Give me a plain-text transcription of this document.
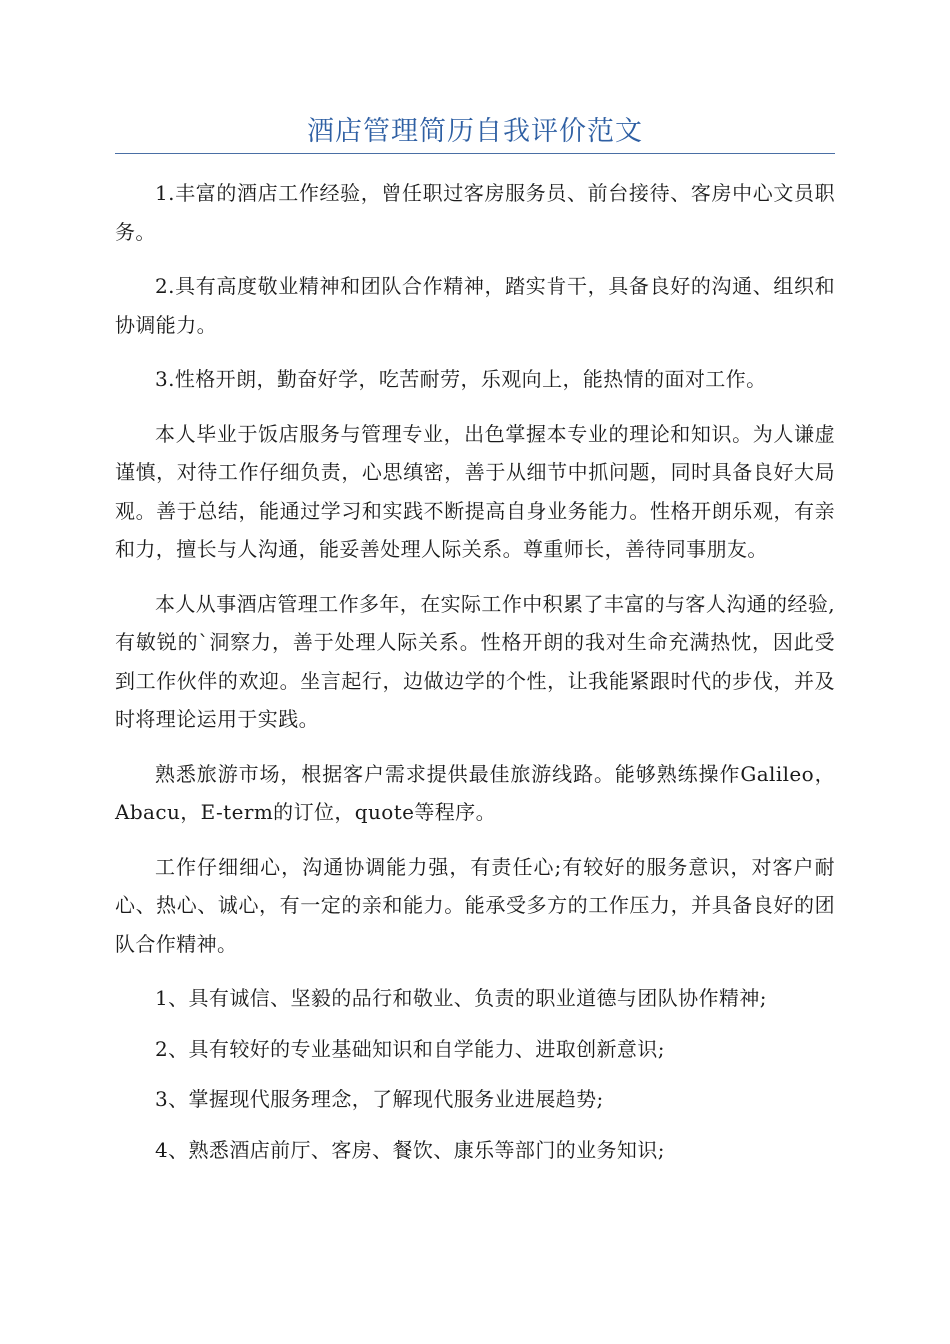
酒店管理简历自我评价范文

1.丰富的酒店工作经验，曾任职过客房服务员、前台接待、客房中心文员职务。

2.具有高度敬业精神和团队合作精神，踏实肯干，具备良好的沟通、组织和协调能力。

3.性格开朗，勤奋好学，吃苦耐劳，乐观向上，能热情的面对工作。

本人毕业于饭店服务与管理专业，出色掌握本专业的理论和知识。为人谦虚谨慎，对待工作仔细负责，心思缜密，善于从细节中抓问题，同时具备良好大局观。善于总结，能通过学习和实践不断提高自身业务能力。性格开朗乐观，有亲和力，擅长与人沟通，能妥善处理人际关系。尊重师长，善待同事朋友。

本人从事酒店管理工作多年，在实际工作中积累了丰富的与客人沟通的经验,有敏锐的`洞察力，善于处理人际关系。性格开朗的我对生命充满热忱，因此受到工作伙伴的欢迎。坐言起行，边做边学的个性，让我能紧跟时代的步伐，并及时将理论运用于实践。

熟悉旅游市场，根据客户需求提供最佳旅游线路。能够熟练操作Galileo，Abacu，E-term的订位，quote等程序。

工作仔细细心，沟通协调能力强，有责任心;有较好的服务意识，对客户耐心、热心、诚心，有一定的亲和能力。能承受多方的工作压力，并具备良好的团队合作精神。

1、具有诚信、坚毅的品行和敬业、负责的职业道德与团队协作精神;

2、具有较好的专业基础知识和自学能力、进取创新意识;

3、掌握现代服务理念，了解现代服务业进展趋势;

4、熟悉酒店前厅、客房、餐饮、康乐等部门的业务知识;
